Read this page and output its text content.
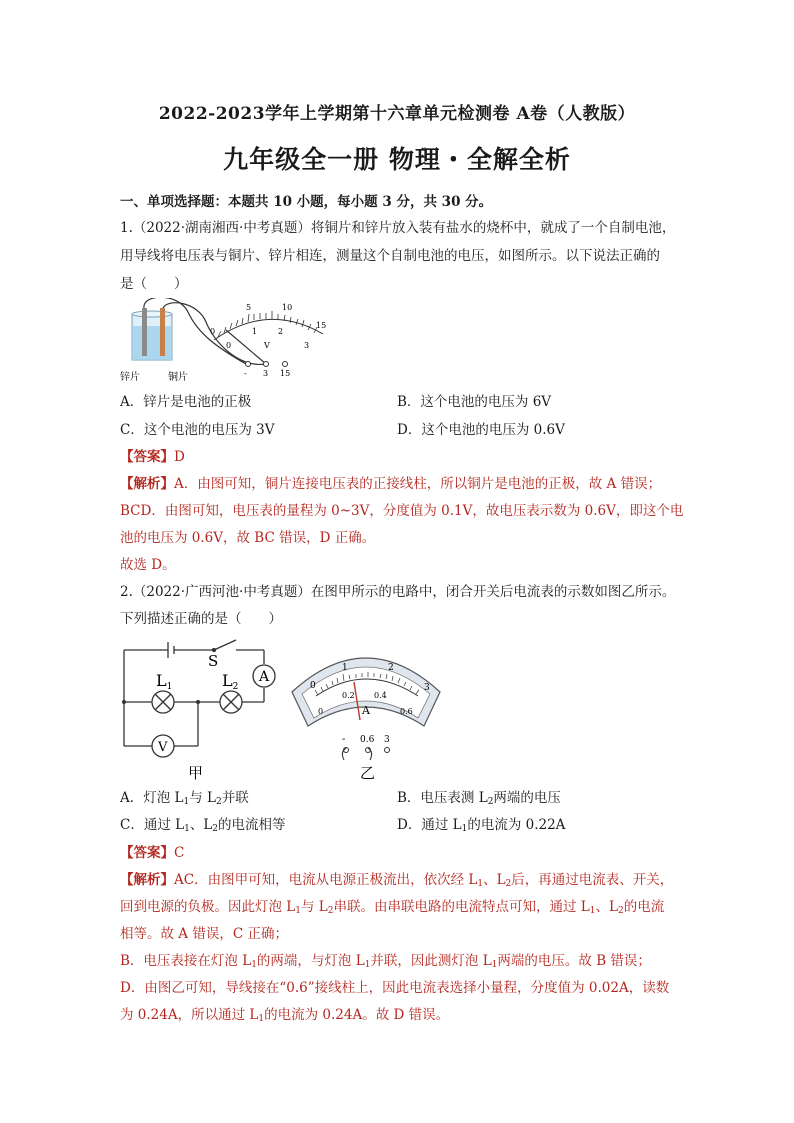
2022-2023学年上学期第十六章单元检测卷 A卷（人教版）
九年级全一册 物理・全解全析
一、单项选择题：本题共 10 小题，每小题 3 分，共 30 分。
1.（2022·湖南湘西·中考真题）将铜片和锌片放入装有盐水的烧杯中，就成了一个自制电池，
用导线将电压表与铜片、锌片相连，测量这个自制电池的电压，如图所示。以下说法正确的
是（　　）
5	10
15
0
0
1	2
3
V
- 3 15
锌片	铜片
A．锌片是电池的正极	B．这个电池的电压为 6V
C．这个电池的电压为 3V	D．这个电池的电压为 0.6V
【答案】D
【解析】A．由图可知，铜片连接电压表的正接线柱，所以铜片是电池的正极，故 A 错误；
BCD．由图可知，电压表的量程为 0~3V，分度值为 0.1V，故电压表示数为 0.6V，即这个电
池的电压为 0.6V，故 BC 错误，D 正确。
故选 D。
2.（2022·广西河池·中考真题）在图甲所示的电路中，闭合开关后电流表的示数如图乙所示。
下列描述正确的是（　　）
A
V
S
L1	L2
甲
0
1	2
3
0
0.2 0.4
0.6
A
- 0.6 3
乙
A．灯泡 $L_1$与 $L_2$并联	B．电压表测 $L_2$两端的电压
C．通过 $L_1$、$L_2$的电流相等	D．通过 $L_1$的电流为 0.22A
【答案】C
【解析】AC．由图甲可知，电流从电源正极流出，依次经 $L_1$、$L_2$后，再通过电流表、开关，
回到电源的负极。因此灯泡 $L_1$与 $L_2$串联。由串联电路的电流特点可知，通过 $L_1$、$L_2$的电流
相等。故 A 错误，C 正确；
B．电压表接在灯泡 $L_1$的两端，与灯泡 $L_1$并联，因此测灯泡 $L_1$两端的电压。故 B 错误；
D．由图乙可知，导线接在“0.6”接线柱上，因此电流表选择小量程，分度值为 0.02A，读数
为 0.24A，所以通过 $L_1$的电流为 0.24A。故 D 错误。
